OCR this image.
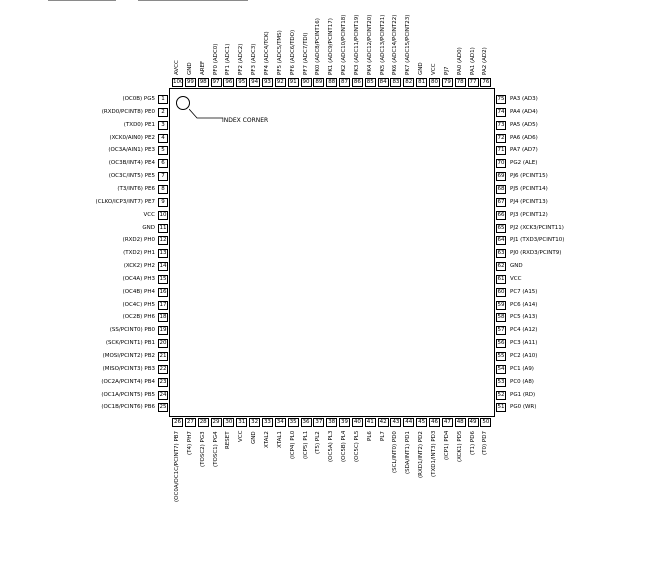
INDEX CORNER
1
(OC0B) PG5
2
(RXD0/PCINT8) PE0
3
(TXD0) PE1
4
(XCK0/AIN0) PE2
5
(OC3A/AIN1) PE3
6
(OC3B/INT4) PE4
7
(OC3C/INT5) PE5
8
(T3/INT6) PE6
9
(CLKO/ICP3/INT7) PE7
10
VCC
11
GND
12
(RXD2) PH0
13
(TXD2) PH1
14
(XCK2) PH2
15
(OC4A) PH3
16
(OC4B) PH4
17
(OC4C) PH5
18
(OC2B) PH6
19
(SS/PCINT0) PB0
20
(SCK/PCINT1) PB1
21
(MOSI/PCINT2) PB2
22
(MISO/PCINT3) PB3
23
(OC2A/PCINT4) PB4
24
(OC1A/PCINT5) PB5
25
(OC1B/PCINT6) PB6
75 PA3 (AD3)
74 PA4 (AD4)
73 PA5 (AD5)
72 PA6 (AD6)
71 PA7 (AD7)
70 PG2 (ALE)
69 PJ6 (PCINT15)
68 PJ5 (PCINT14)
67 PJ4 (PCINT13)
66 PJ3 (PCINT12)
65 PJ2 (XCK3/PCINT11)
64 PJ1 (TXD3/PCINT10)
63 PJ0 (RXD3/PCINT9)
62 GND
61 VCC
60 PC7 (A15)
59 PC6 (A14)
58 PC5 (A13)
57 PC4 (A12)
56 PC3 (A11)
55 PC2 (A10)
54 PC1 (A9)
53 PC0 (A8)
52 PG1 (RD)
51 PG0 (WR)
100
AVCC
99
GND
98
AREF
97
PF0 (ADC0)
96
PF1 (ADC1)
95
PF2 (ADC2)
94
PF3 (ADC3)
93
PF4 (ADC4/TCK)
92
PF5 (ADC5/TMS)
91
PF6 (ADC6/TDO)
90
PF7 (ADC7/TDI)
89
PK0 (ADC8/PCINT16)
88
PK1 (ADC9/PCINT17)
87
PK2 (ADC10/PCINT18)
86
PK3 (ADC11/PCINT19)
85
PK4 (ADC12/PCINT20)
84
PK5 (ADC13/PCINT21)
83
PK6 (ADC14/PCINT22)
82
PK7 (ADC15/PCINT23)
81
GND
80
VCC
79
PJ7
78
PA0 (AD0)
77
PA1 (AD1)
76
PA2 (AD2)
26
(OC0A/OC1C/PCINT7) PB7
27
(T4) PH7
28
(TOSC2) PG3
29
(TOSC1) PG4
30
RESET
31
VCC
32
GND
33
XTAL2
34
XTAL1
35
(ICP4) PL0
36
(ICP5) PL1
37
(T5) PL2
38
(OC5A) PL3
39
(OC5B) PL4
40
(OC5C) PL5
41
PL6
42
PL7
43
(SCL/INT0) PD0
44
(SDA/INT1) PD1
45
(RXD1/INT2) PD2
46
(TXD1/INT3) PD3
47
(ICP1) PD4
48
(XCK1) PD5
49
(T1) PD6
50
(T0) PD7
